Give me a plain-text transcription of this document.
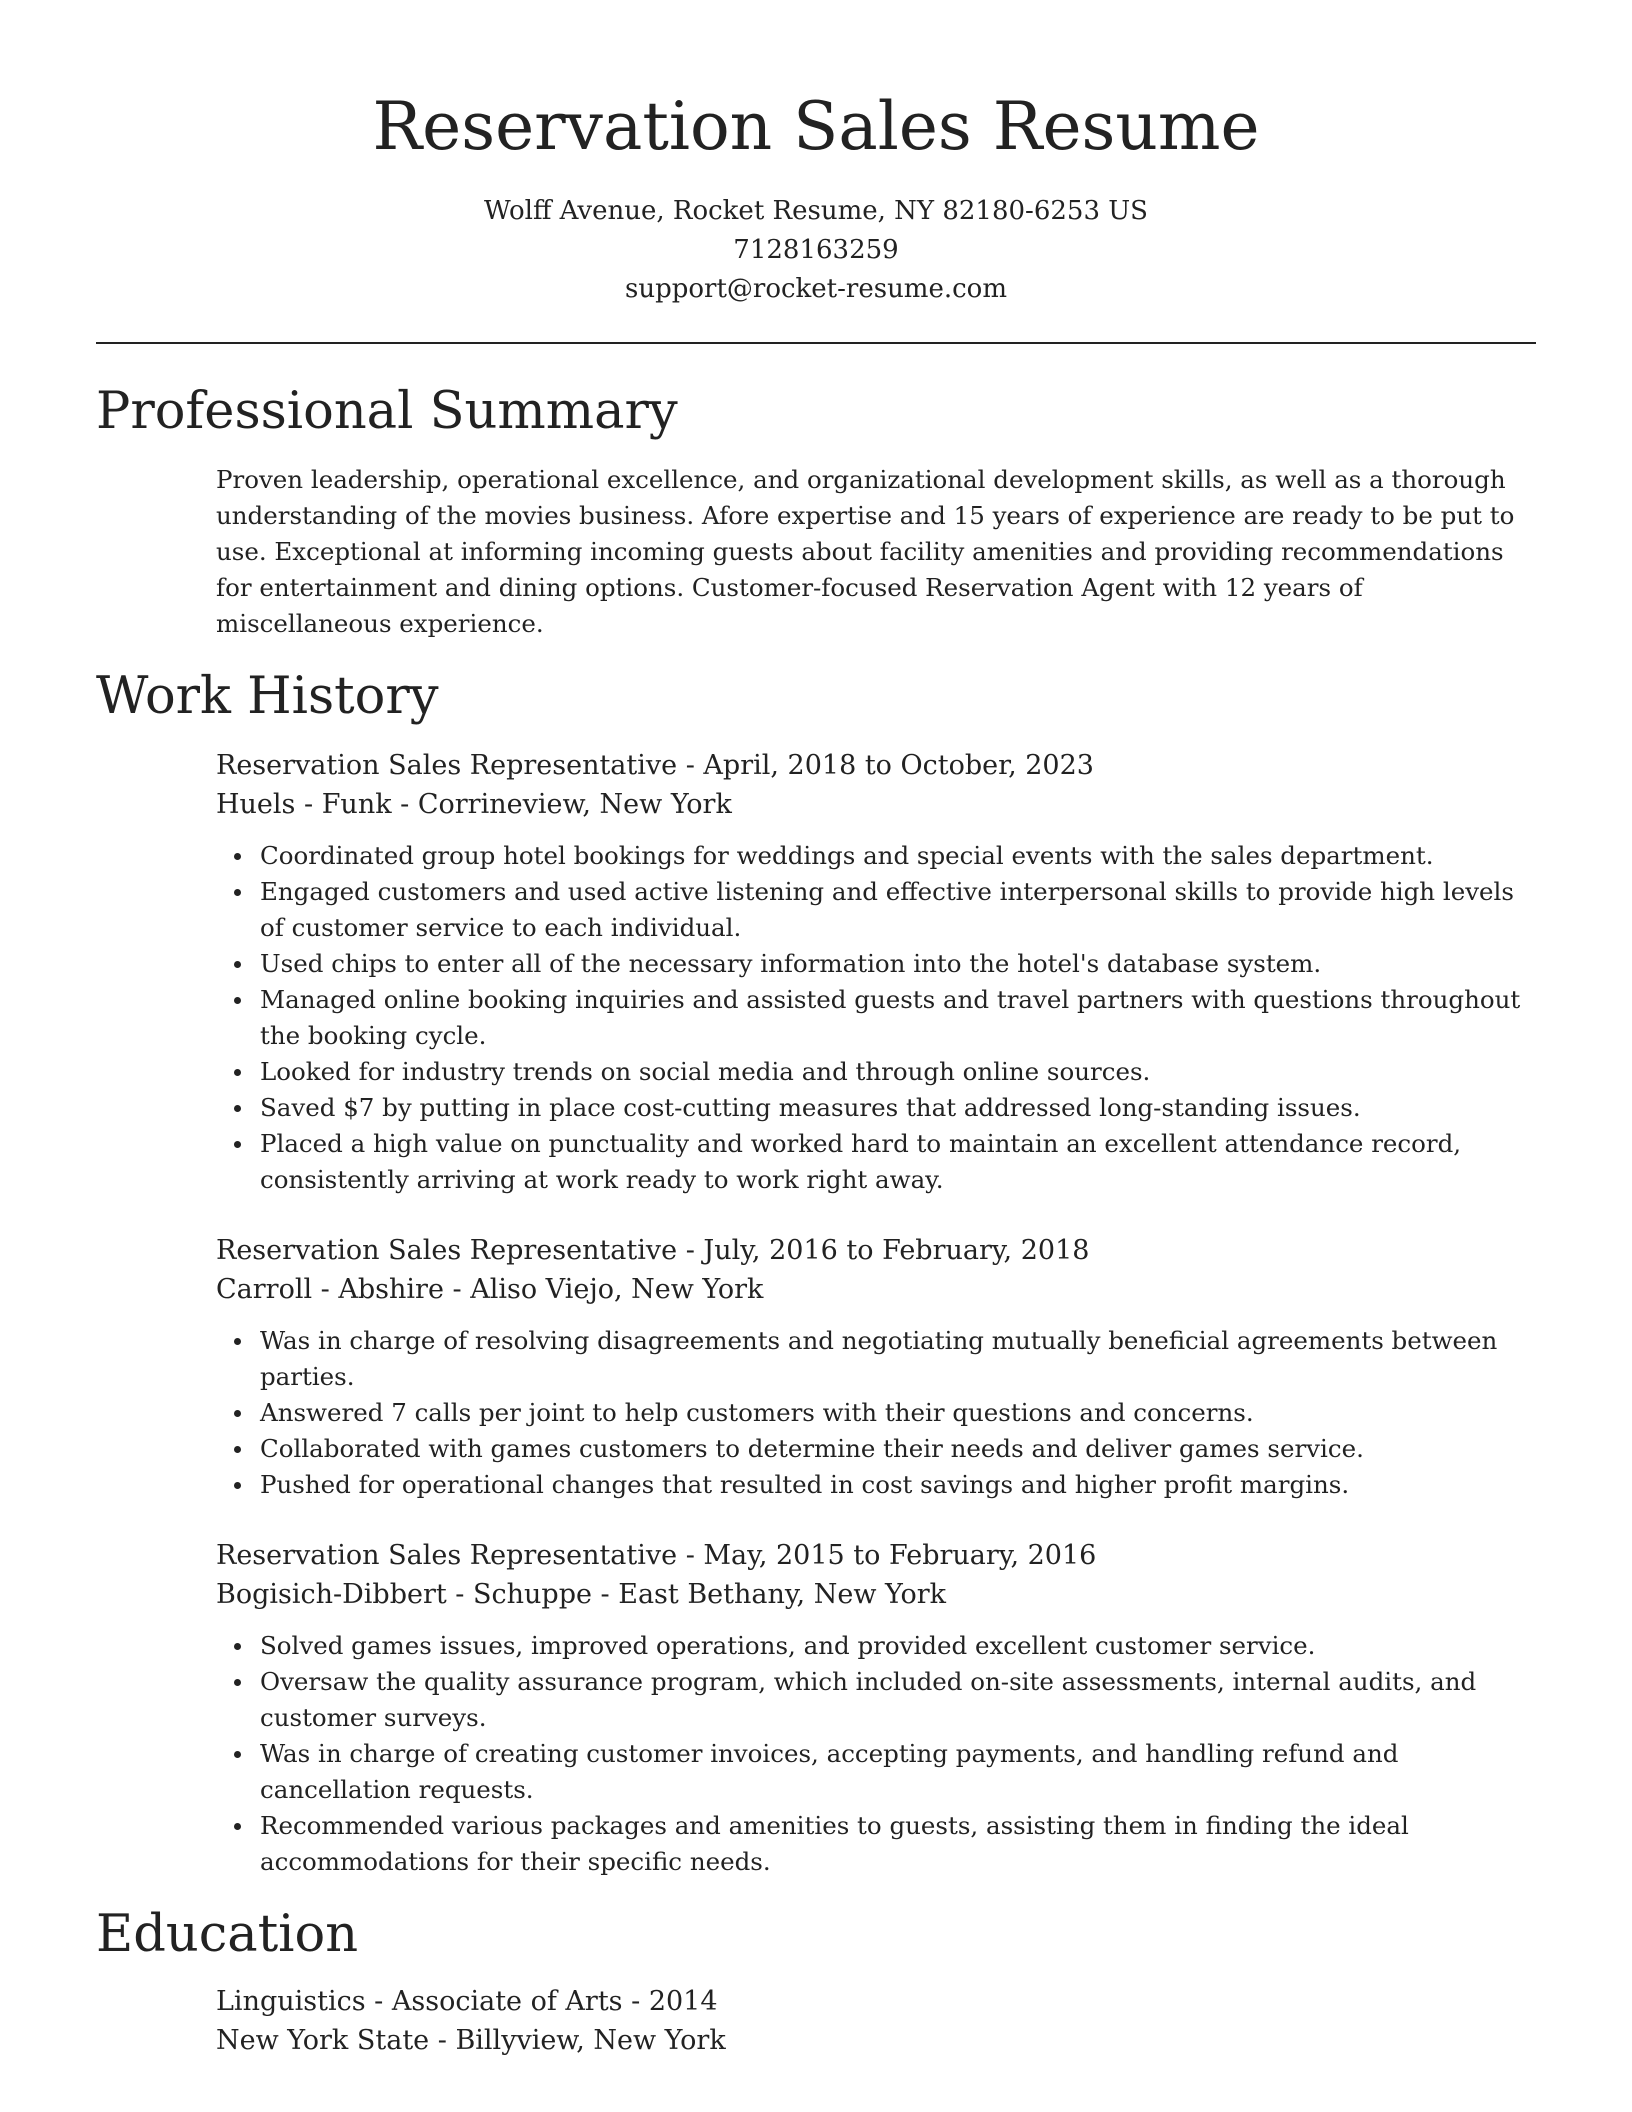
Reservation Sales Resume
Wolff Avenue, Rocket Resume, NY 82180-6253 US
7128163259
support@rocket-resume.com
Professional Summary

Proven leadership, operational excellence, and organizational development skills, as well as a thorough understanding of the movies business. Afore expertise and 15 years of experience are ready to be put to use. Exceptional at informing incoming guests about facility amenities and providing recommendations for entertainment and dining options. Customer-focused Reservation Agent with 12 years of miscellaneous experience.

Work History
Reservation Sales Representative - April, 2018 to October, 2023
Huels - Funk - Corrineview, New York
Coordinated group hotel bookings for weddings and special events with the sales department.
Engaged customers and used active listening and effective interpersonal skills to provide high levels of customer service to each individual.
Used chips to enter all of the necessary information into the hotel's database system.
Managed online booking inquiries and assisted guests and travel partners with questions throughout the booking cycle.
Looked for industry trends on social media and through online sources.
Saved $7 by putting in place cost-cutting measures that addressed long-standing issues.
Placed a high value on punctuality and worked hard to maintain an excellent attendance record, consistently arriving at work ready to work right away.
Reservation Sales Representative - July, 2016 to February, 2018
Carroll - Abshire - Aliso Viejo, New York
Was in charge of resolving disagreements and negotiating mutually beneficial agreements between parties.
Answered 7 calls per joint to help customers with their questions and concerns.
Collaborated with games customers to determine their needs and deliver games service.
Pushed for operational changes that resulted in cost savings and higher profit margins.
Reservation Sales Representative - May, 2015 to February, 2016
Bogisich-Dibbert - Schuppe - East Bethany, New York
Solved games issues, improved operations, and provided excellent customer service.
Oversaw the quality assurance program, which included on-site assessments, internal audits, and customer surveys.
Was in charge of creating customer invoices, accepting payments, and handling refund and cancellation requests.
Recommended various packages and amenities to guests, assisting them in finding the ideal accommodations for their specific needs.
Education
Linguistics - Associate of Arts - 2014
New York State - Billyview, New York
